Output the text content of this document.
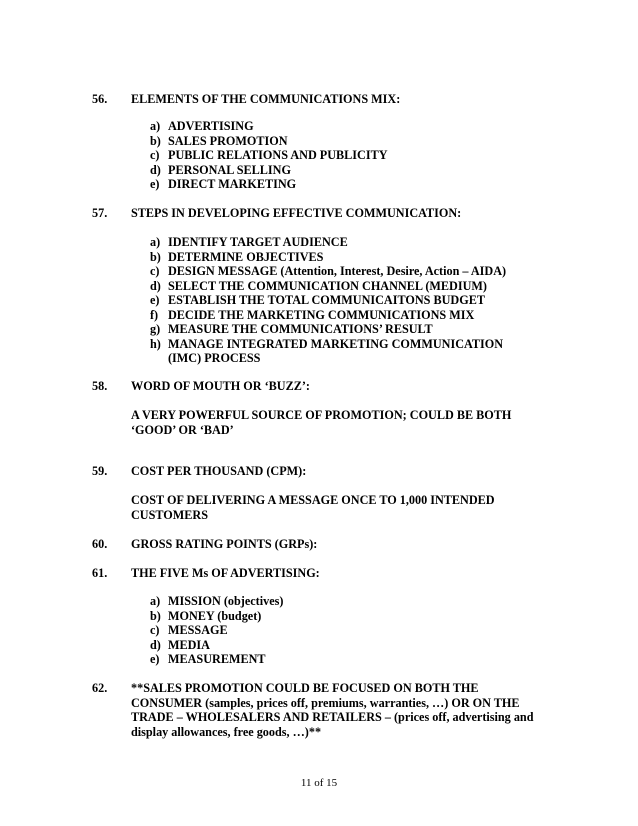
56. ELEMENTS OF THE COMMUNICATIONS MIX:
a) ADVERTISING
b) SALES PROMOTION
c) PUBLIC RELATIONS AND PUBLICITY
d) PERSONAL SELLING
e) DIRECT MARKETING
57. STEPS IN DEVELOPING EFFECTIVE COMMUNICATION:
a) IDENTIFY TARGET AUDIENCE
b) DETERMINE OBJECTIVES
c) DESIGN MESSAGE (Attention, Interest, Desire, Action – AIDA)
d) SELECT THE COMMUNICATION CHANNEL (MEDIUM)
e) ESTABLISH THE TOTAL COMMUNICAITONS BUDGET
f) DECIDE THE MARKETING COMMUNICATIONS MIX
g) MEASURE THE COMMUNICATIONS’ RESULT
h) MANAGE INTEGRATED MARKETING COMMUNICATION (IMC) PROCESS
58. WORD OF MOUTH OR ‘BUZZ’:
A VERY POWERFUL SOURCE OF PROMOTION; COULD BE BOTH ‘GOOD’ OR ‘BAD’
59. COST PER THOUSAND (CPM):
COST OF DELIVERING A MESSAGE ONCE TO 1,000 INTENDED CUSTOMERS
60. GROSS RATING POINTS (GRPs):
61. THE FIVE Ms OF ADVERTISING:
a) MISSION (objectives)
b) MONEY (budget)
c) MESSAGE
d) MEDIA
e) MEASUREMENT
62. **SALES PROMOTION COULD BE FOCUSED ON BOTH THE CONSUMER (samples, prices off, premiums, warranties, …) OR ON THE TRADE – WHOLESALERS AND RETAILERS – (prices off, advertising and display allowances, free goods, …)**
11 of 15
